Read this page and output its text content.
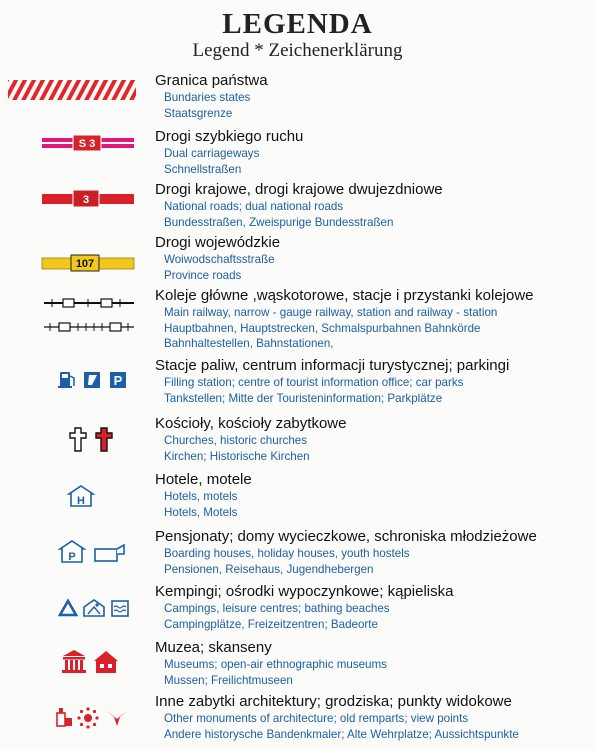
LEGENDA
Legend * Zeichenerklärung
Granica państwa
Bundaries states
Staatsgrenze
S 3	Drogi szybkiego ruchu
Dual carriageways
Schnellstraßen
3
Drogi krajowe, drogi krajowe dwujezdniowe
National roads; dual national roads
Bundesstraßen, Zweispurige Bundesstraßen
107
Drogi wojewódzkie
Woiwodschaftsstraße
Province roads
Koleje główne ,wąskotorowe, stacje i przystanki kolejowe
Main railway, narrow - gauge railway, station and railway - station
Hauptbahnen, Hauptstrecken, Schmalspurbahnen Bahnkörde
Bahnhaltestellen, Bahnstationen,
P
Stacje paliw, centrum informacji turystycznej; parkingi
Filling station; centre of tourist information office; car parks
Tankstellen; Mitte der Touristeninformation; Parkplätze
Kościoły, kościoły zabytkowe
Churches, historic churches
Kirchen; Historische Kirchen
H
Hotele, motele
Hotels, motels
Hotels, Motels
P
Pensjonaty; domy wycieczkowe, schroniska młodzieżowe
Boarding houses, holiday houses, youth hostels
Pensionen, Reisehaus, Jugendhebergen
Kempingi; ośrodki wypoczynkowe; kąpieliska
Campings, leisure centres; bathing beaches
Campingplätze, Freizeitzentren; Badeorte
Muzea; skanseny
Museums; open-air ethnographic museums
Mussen; Freilichtmuseen
Inne zabytki architektury; grodziska; punkty widokowe
Other monuments of architecture; old remparts; view points
Andere historysche Bandenkmaler; Alte Wehrplatze; Aussichtspunkte
